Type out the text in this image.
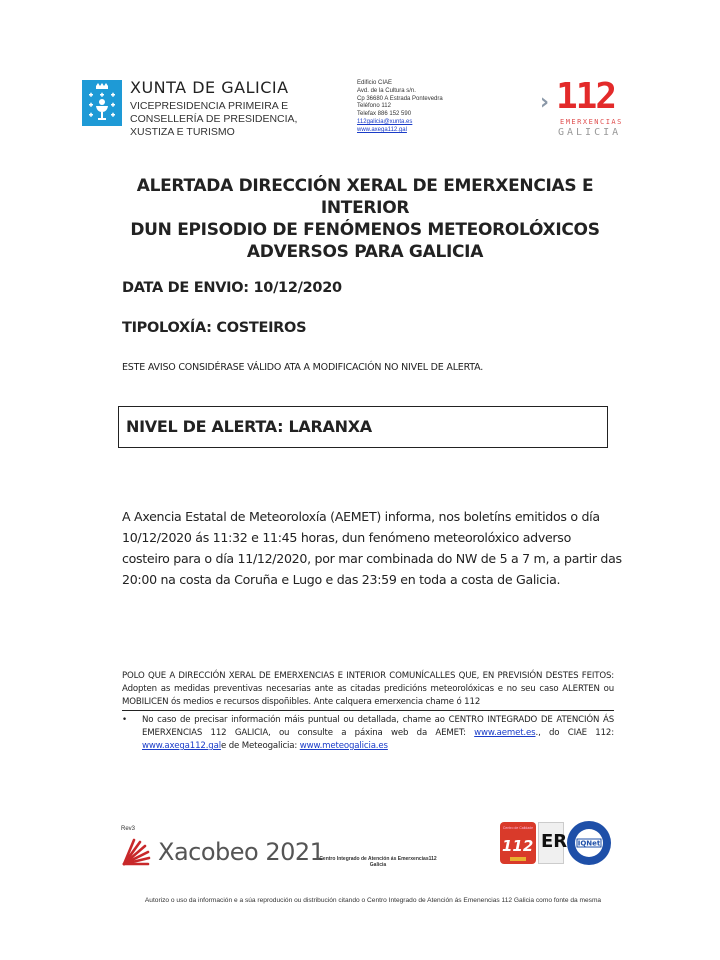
XUNTA DE GALICIA
VICEPRESIDENCIA PRIMEIRA E
CONSELLERÍA DE PRESIDENCIA,
XUSTIZA E TURISMO
Edificio CIAE
Avd. de la Cultura s/n.
Cp 36680 A Estrada Pontevedra
Teléfono 112
Telefax 886 152 590
112galicia@xunta.es
www.axega112.gal
› 112
EMERXENCIAS
GALICIA
ALERTADA DIRECCIÓN XERAL DE EMERXENCIAS E INTERIOR
DUN EPISODIO DE FENÓMENOS METEOROLÓXICOS
ADVERSOS PARA GALICIA
DATA DE ENVIO: 10/12/2020
TIPOLOXÍA: COSTEIROS
ESTE AVISO CONSIDÉRASE VÁLIDO ATA A MODIFICACIÓN NO NIVEL DE ALERTA.
NIVEL DE ALERTA: LARANXA
A Axencia Estatal de Meteoroloxía (AEMET) informa, nos boletíns emitidos o día 10/12/2020 ás 11:32 e 11:45 horas, dun fenómeno meteorolóxico adverso costeiro para o día 11/12/2020, por mar combinada do NW de 5 a 7 m, a partir das 20:00 na costa da Coruña e Lugo e das 23:59 en toda a costa de Galicia.
POLO QUE A DIRECCIÓN XERAL DE EMERXENCIAS E INTERIOR COMUNÍCALLES QUE, EN PREVISIÓN DESTES FEITOS: Adopten as medidas preventivas necesarias ante as citadas predicións meteorolóxicas e no seu caso ALERTEN ou MOBILICEN ós medios e recursos dispoñibles. Ante calquera emerxencia chame ó 112
• No caso de precisar información máis puntual ou detallada, chame ao CENTRO INTEGRADO DE ATENCIÓN ÁS EMERXENCIAS 112 GALICIA, ou consulte a páxina web da AEMET: www.aemet.es., do CIAE 112: www.axega112.gale de Meteogalicia: www.meteogalicia.es
Rev3
Xacobeo 2021
Centro Integrado de Atención ás Emerxencias112
Galicia
Centro de Calidade
112 ER IQNet
Autorizo o uso da información e a súa reprodución ou distribución citando o Centro Integrado de Atención ás Emenencias 112 Galicia como fonte da mesma
